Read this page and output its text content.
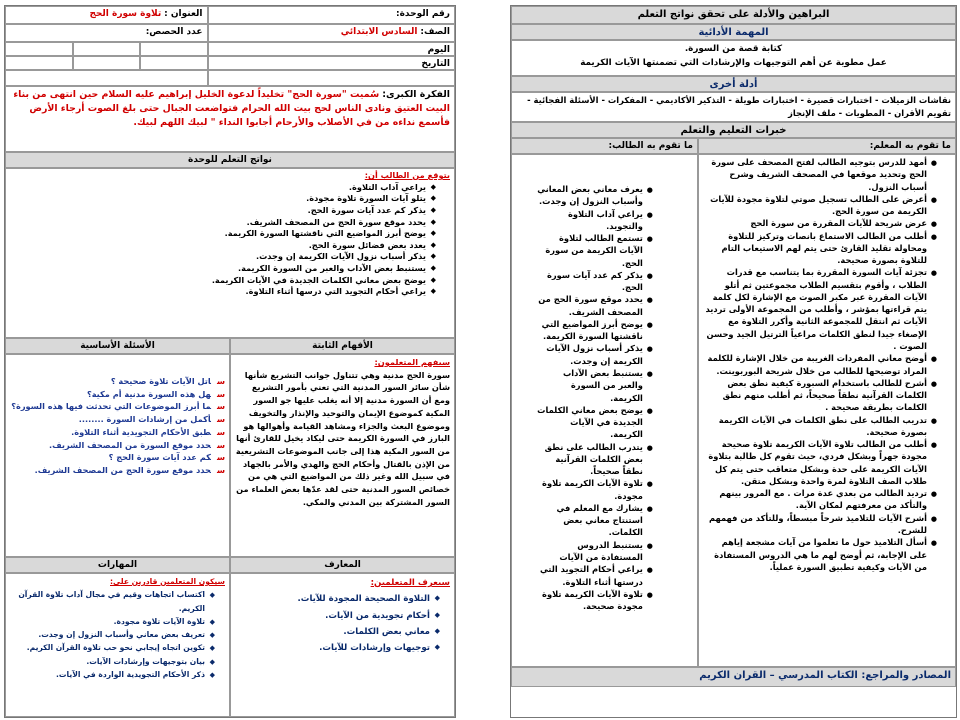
رقم الوحدة:
الصف: السادس الابتدائي
اليوم
التاريخ
العنوان : تلاوة سورة الحج
عدد الحصص:
الفكرة الكبرى: سُميت "سورة الحج" تخليداً لدعوة الخليل إبراهيم عليه السلام حين انتهى من بناء البيت العتيق ونادى الناس لحج بيت الله الحرام فتواضعت الجبال حتى بلغ الصوت أرجاء الأرض فأسمع نداءه من في الأصلاب والأرحام أجابوا النداء " لبيك اللهم لبيك.
نواتج التعلم للوحدة
يتوقع من الطالب أن:
◆ يراعي آداب التلاوة.
◆ يتلو آيات السورة تلاوة مجودة.
◆ يذكر كم عدد آيات سورة الحج.
◆ يحدد موقع سورة الحج من المصحف الشريف.
◆ يوضح أبرز المواضيع التي ناقشتها السورة الكريمة.
◆ يعدد بعض فضائل سورة الحج.
◆ يذكر أسباب نزول الآيات الكريمة إن وجدت.
◆ يستنبط بعض الآداب والعبر من السورة الكريمة.
◆ يوضح بعض معاني الكلمات الجديدة في الآيات الكريمة.
◆ يراعي أحكام التجويد التي درسها أثناء التلاوة.
الأفهام الثابتة
الأسئلة الأساسية
سيفهم المتعلمون:
سورة الحج مدنية وهي تتناول جوانب التشريع شأنها شأن سائر السور المدنية التي تعني بأمور التشريع ومع أن السورة مدنية إلا أنه يغلب عليها جو السور المكية كموضوع الإيمان والتوحيد والإنذار والتخويف وموضوع البعث والجزاء ومشاهد القيامة وأهوالها هو البارز في السورة الكريمة حتى ليكاد يخيل للقارئ أنها من السور المكية هذا إلى جانب الموضوعات التشريعية من الإذن بالقتال وأحكام الحج والهدي والأمر بالجهاد في سبيل الله وغير ذلك من المواضيع التي هي من خصائص السور المدنية حتى لقد عدّها بعض العلماء من السور المشتركة بين المدني والمكي.
ساتل الآيات تلاوة صحيحة ؟
سهل هذه السورة مدنية أم مكية؟
سما أبرز الموضوعات التي تحدثت فيها هذه السورة؟
سأكمل من إرشادات السورة ........
سطبق الأحكام التجويدية أثناء التلاوة.
سحدد موقع السورة من المصحف الشريف.
سكم عدد آيات سورة الحج ؟
سحدد موقع سورة الحج من المصحف الشريف.
المعارف
المهارات
سيعرف المتعلمين:
◆ التلاوة الصحيحة المجودة للآيات.
◆ أحكام تجويدية من الآيات.
◆ معاني بعض الكلمات.
◆ توجيهات وإرشادات للآيات.
سيكون المتعلمين قادرين على:
◆ اكتساب اتجاهات وقيم في مجال آداب تلاوة القرآن الكريم.
◆ تلاوة الآيات تلاوة مجودة.
◆ تعريف بعض معاني وأسباب النزول إن وجدت.
◆ تكوين اتجاه إيجابي نحو حب تلاوة القرآن الكريم.
◆ بيان بتوجيهات وإرشادات الآيات.
◆ ذكر الأحكام التجويدية الواردة في الآيات.
البراهين والأدلة على تحقق نواتج التعلم
المهمة الأدائية
كتابة قصة من السورة.
عمل مطوية عن أهم التوجيهات والإرشادات التي تضمنتها الآيات الكريمة
أدلة أخرى
نقاشات الزميلات - اختبارات قصيرة - اختبارات طويلة - التذكير الأكاديمي - المفكرات - الأسئلة الفجائية - تقويم الأقران - المطويات - ملف الإنجاز
خبرات التعليم والتعلم
ما تقوم به المعلم:
ما تقوم به الطالب:
● أمهد للدرس بتوجيه الطالب لفتح المصحف على سورة الحج وتحديد موقعها في المصحف الشريف وشرح أسباب النزول.
● أعرض على الطالب تسجيل صوتي لتلاوة مجودة للآيات الكريمة من سورة الحج.
● عرض شريحة للآيات المقررة من سورة الحج
● أطلب من الطالب الاستماع بانصات وتركيز للتلاوة ومحاولة تقليد القارئ حتى يتم لهم الاستيعاب التام للتلاوة بصورة صحيحة.
● تجزئة آيات السورة المقررة بما يتناسب مع قدرات الطلاب ، وأقوم بتقسيم الطلاب مجموعتين ثم أتلو الآيات المقررة عبر مكبر الصوت مع الإشارة لكل كلمة يتم قراءتها بمؤشر ، وأطلب من المجموعة الأولى ترديد الآيات ثم انتقل للمجموعة الثانية وأكرر التلاوة مع الإصغاء جيدا لنطق الكلمات مراعياً الترتيل الجيد وحسن الصوت .
● أوضح معاني المفردات الغريبة من خلال الإشارة للكلمة المراد توضيحها للطالب من خلال شريحة البوربوينت.
● أشرح للطالب باستخدام السبورة كيفية نطق بعض الكلمات القرآنية نطقاً صحيحاً، ثم أطلب منهم نطق الكلمات بطريقة صحيحة .
● تدريب الطالب على نطق الكلمات في الآيات الكريمة بصورة صحيحة.
● أطلب من الطالب تلاوة الآيات الكريمة تلاوة صحيحة مجودة جهراً وبشكل فردي، حيث تقوم كل طالبة بتلاوة الآيات الكريمة على حدة وبشكل متعاقب حتى يتم كل طلاب الصف التلاوة لمرة واحدة وبشكل متقن.
● ترديد الطالب من بعدي عدة مرات . مع المرور بينهم والتأكد من معرفتهم لمكان الآية.
● أشرح الآيات للتلاميذ شرحاً مبسطاً، وللتأكد من فهمهم للشرح.
● أسأل التلاميذ حول ما تعلموا من آيات مشجعة إياهم على الإجابة، ثم أوضح لهم ما هي الدروس المستفادة من الآيات وكيفية تطبيق السورة عملياً.
● يعرف معاني بعض المعاني وأسباب النزول إن وجدت.
● يراعي آداب التلاوة والتجويد.
● تستمع الطالب لتلاوة الآيات الكريمة من سورة الحج.
● يذكر كم عدد آيات سورة الحج.
● يحدد موقع سورة الحج من المصحف الشريف.
● يوضح أبرز المواضيع التي ناقشتها السورة الكريمة.
● يذكر أسباب نزول الآيات الكريمة إن وجدت.
● يستنبط بعض الآداب والعبر من السورة الكريمة.
● يوضح بعض معاني الكلمات الجديدة في الآيات الكريمة.
● يتدرب الطالب على نطق بعض الكلمات القرآنية نطقاً صحيحاً.
● تلاوة الآيات الكريمة تلاوة مجودة.
● يشارك مع المعلم في استنتاج معاني بعض الكلمات.
● يستنبط الدروس المستفادة من الآيات
● يراعي أحكام التجويد التي درستها أثناء التلاوة.
● تلاوة الآيات الكريمة تلاوة مجودة صحيحة.
المصادر والمراجع: الكتاب المدرسي – القران الكريم
